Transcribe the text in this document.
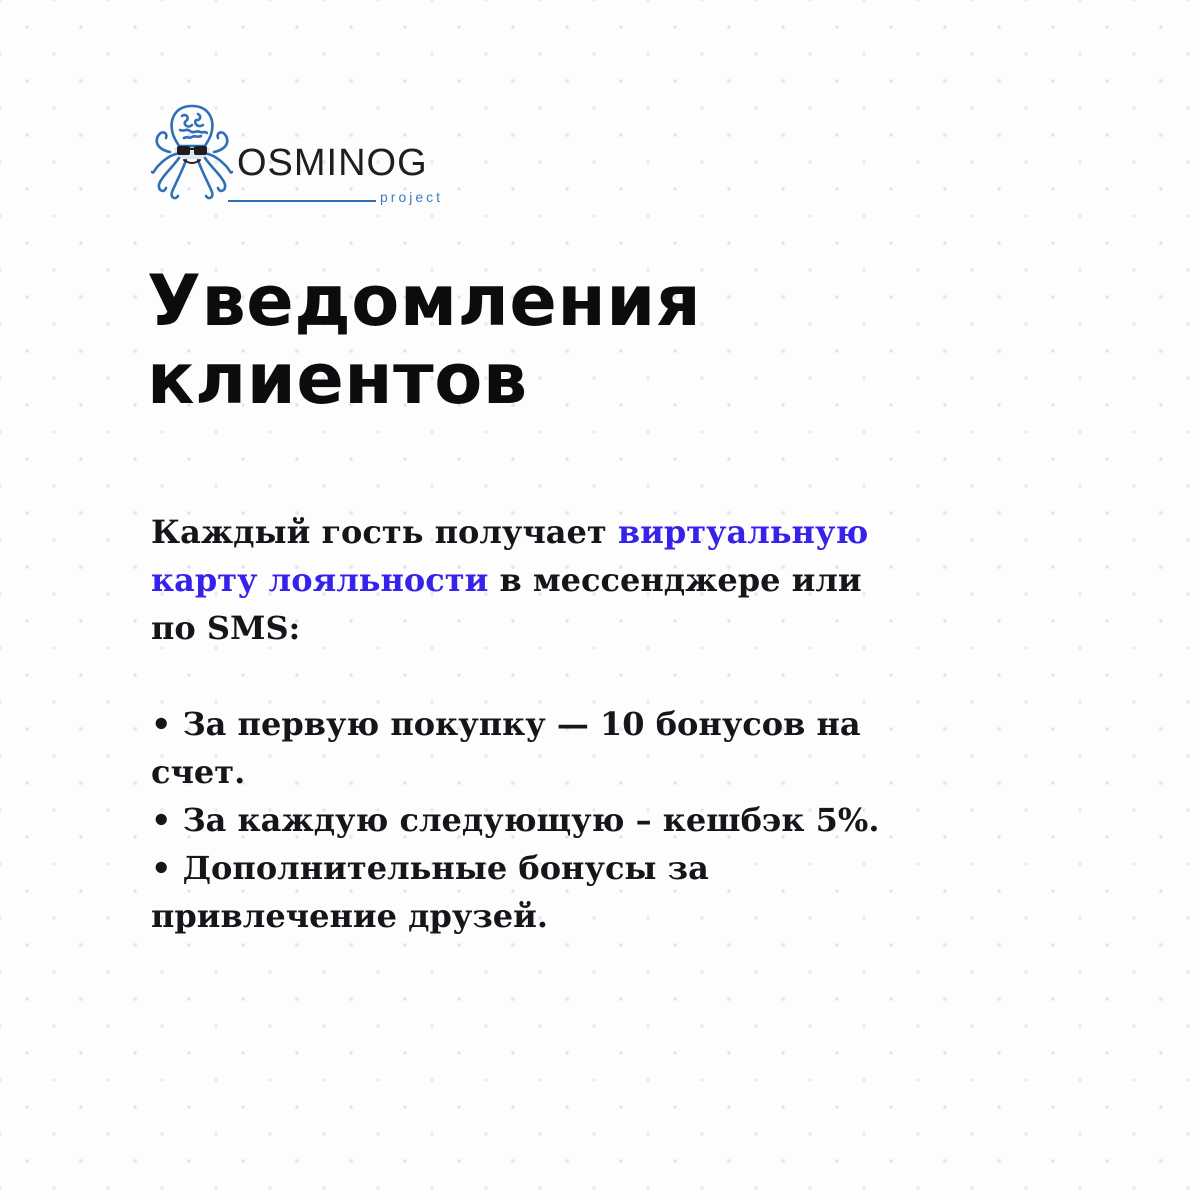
OSMINOG
project
Уведомления
клиентов

Каждый гость получает виртуальную

карту лояльности в мессенджере или

по SMS:

• За первую покупку — 10 бонусов на

счет.

• За каждую следующую – кешбэк 5%.

• Дополнительные бонусы за

привлечение друзей.
